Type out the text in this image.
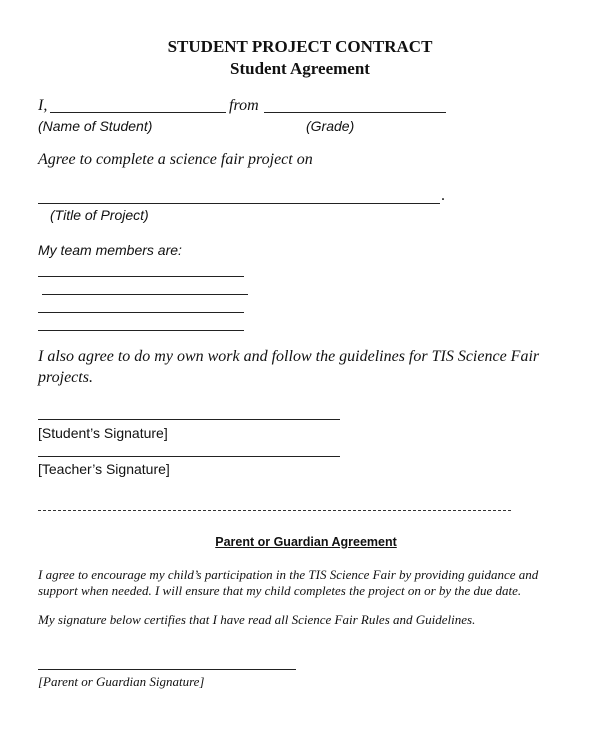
STUDENT PROJECT CONTRACT
Student Agreement
I,	from
(Name of Student)	(Grade)
Agree to complete a science fair project on
.
(Title of Project)
My team members are:
I also agree to do my own work and follow the guidelines for TIS Science Fair
projects.
[Student’s Signature]
[Teacher’s Signature]
Parent or Guardian Agreement
I agree to encourage my child’s participation in the TIS Science Fair by providing guidance and
support when needed. I will ensure that my child completes the project on or by the due date.
My signature below certifies that I have read all Science Fair Rules and Guidelines.
[Parent or Guardian Signature]
